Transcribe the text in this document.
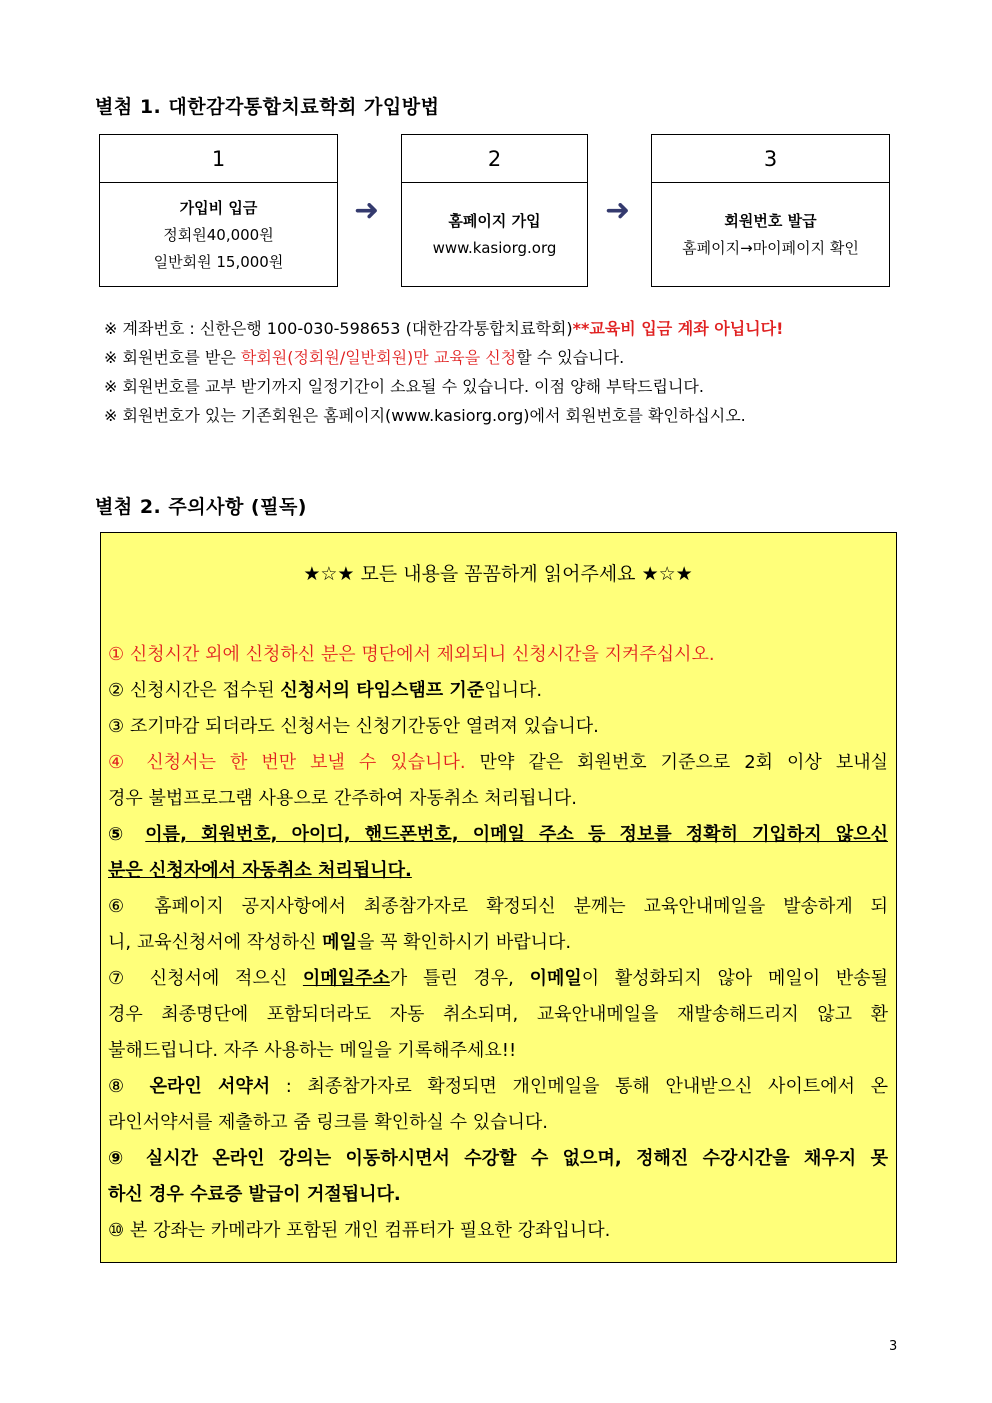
별첨 1. 대한감각통합치료학회 가입방법
1
가입비 입금
정회원40,000원
일반회원 15,000원
➜
2
홈페이지 가입
www.kasiorg.org
➜
3
회원번호 발급
홈페이지→마이페이지 확인
※ 계좌번호 : 신한은행 100-030-598653 (대한감각통합치료학회)**교육비 입금 계좌 아닙니다!
※ 회원번호를 받은 학회원(정회원/일반회원)만 교육을 신청할 수 있습니다.
※ 회원번호를 교부 받기까지 일정기간이 소요될 수 있습니다. 이점 양해 부탁드립니다.
※ 회원번호가 있는 기존회원은 홈페이지(www.kasiorg.org)에서 회원번호를 확인하십시오.
별첨 2. 주의사항 (필독)
★☆★ 모든 내용을 꼼꼼하게 읽어주세요 ★☆★
① 신청시간 외에 신청하신 분은 명단에서 제외되니 신청시간을 지켜주십시오.
② 신청시간은 접수된 신청서의 타임스탬프 기준입니다.
③ 조기마감 되더라도 신청서는 신청기간동안 열려져 있습니다.
④ 신청서는 한 번만 보낼 수 있습니다. 만약 같은 회원번호 기준으로 2회 이상 보내실
경우 불법프로그램 사용으로 간주하여 자동취소 처리됩니다.
⑤ 이름, 회원번호, 아이디, 핸드폰번호, 이메일 주소 등 정보를 정확히 기입하지 않으신
분은 신청자에서 자동취소 처리됩니다.
⑥ 홈페이지 공지사항에서 최종참가자로 확정되신 분께는 교육안내메일을 발송하게 되
니, 교육신청서에 작성하신 메일을 꼭 확인하시기 바랍니다.
⑦ 신청서에 적으신 이메일주소가 틀린 경우, 이메일이 활성화되지 않아 메일이 반송될
경우 최종명단에 포함되더라도 자동 취소되며, 교육안내메일을 재발송해드리지 않고 환
불해드립니다. 자주 사용하는 메일을 기록해주세요!!
⑧ 온라인 서약서 : 최종참가자로 확정되면 개인메일을 통해 안내받으신 사이트에서 온
라인서약서를 제출하고 줌 링크를 확인하실 수 있습니다.
⑨ 실시간 온라인 강의는 이동하시면서 수강할 수 없으며, 정해진 수강시간을 채우지 못
하신 경우 수료증 발급이 거절됩니다.
⑩ 본 강좌는 카메라가 포함된 개인 컴퓨터가 필요한 강좌입니다.
3
